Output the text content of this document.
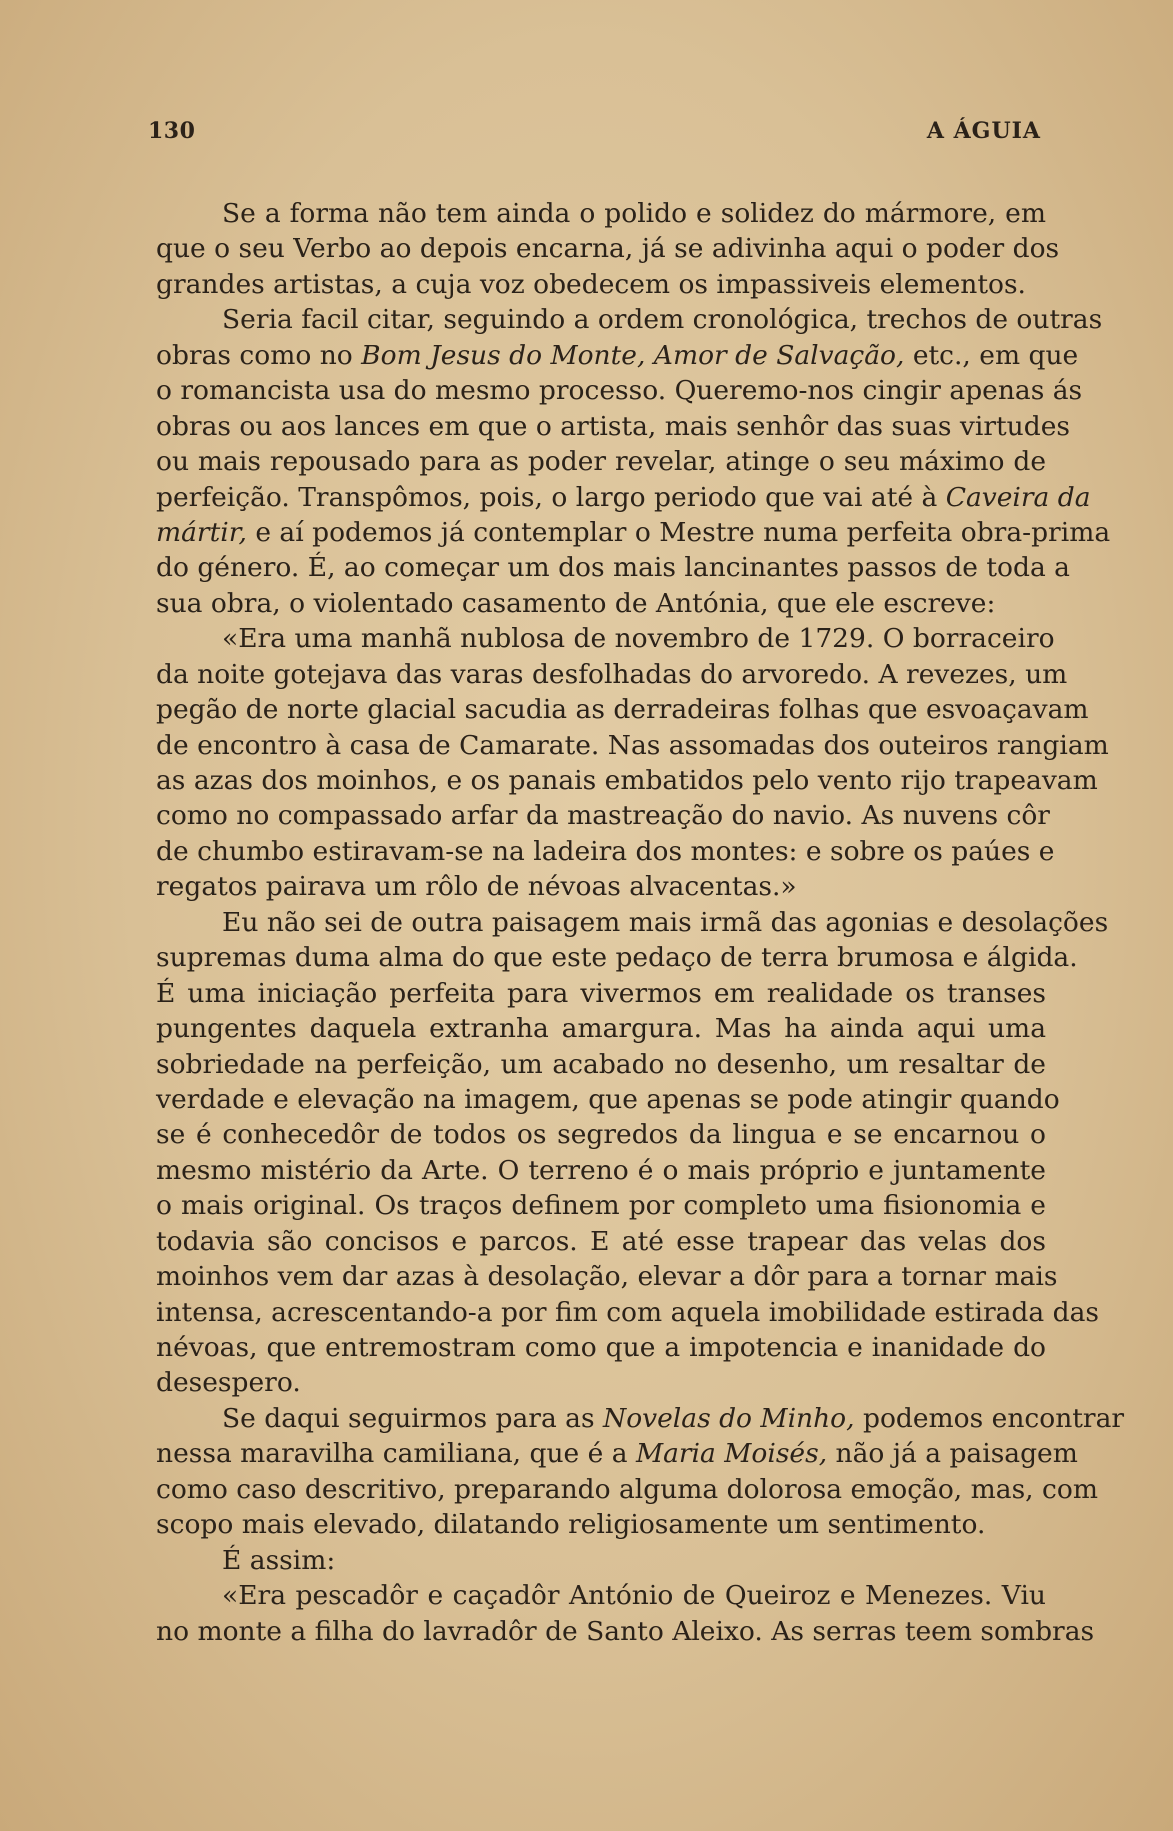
130	A ÁGUIA
Se a forma não tem ainda o polido e solidez do mármore, em
que o seu Verbo ao depois encarna, já se adivinha aqui o poder dos
grandes artistas, a cuja voz obedecem os impassiveis elementos.
Seria facil citar, seguindo a ordem cronológica, trechos de outras
obras como no Bom Jesus do Monte, Amor de Salvação, etc., em que
o romancista usa do mesmo processo. Queremo-nos cingir apenas ás
obras ou aos lances em que o artista, mais senhôr das suas virtudes
ou mais repousado para as poder revelar, atinge o seu máximo de
perfeição. Transpômos, pois, o largo periodo que vai até à Caveira da
mártir, e aí podemos já contemplar o Mestre numa perfeita obra-prima
do género. É, ao começar um dos mais lancinantes passos de toda a
sua obra, o violentado casamento de Antónia, que ele escreve:
«Era uma manhã nublosa de novembro de 1729. O borraceiro
da noite gotejava das varas desfolhadas do arvoredo. A revezes, um
pegão de norte glacial sacudia as derradeiras folhas que esvoaçavam
de encontro à casa de Camarate. Nas assomadas dos outeiros rangiam
as azas dos moinhos, e os panais embatidos pelo vento rijo trapeavam
como no compassado arfar da mastreação do navio. As nuvens côr
de chumbo estiravam-se na ladeira dos montes: e sobre os paúes e
regatos pairava um rôlo de névoas alvacentas.»
Eu não sei de outra paisagem mais irmã das agonias e desolações
supremas duma alma do que este pedaço de terra brumosa e álgida.
É uma iniciação perfeita para vivermos em realidade os transes
pungentes daquela extranha amargura. Mas ha ainda aqui uma
sobriedade na perfeição, um acabado no desenho, um resaltar de
verdade e elevação na imagem, que apenas se pode atingir quando
se é conhecedôr de todos os segredos da lingua e se encarnou o
mesmo mistério da Arte. O terreno é o mais próprio e juntamente
o mais original. Os traços definem por completo uma fisionomia e
todavia são concisos e parcos. E até esse trapear das velas dos
moinhos vem dar azas à desolação, elevar a dôr para a tornar mais
intensa, acrescentando-a por fim com aquela imobilidade estirada das
névoas, que entremostram como que a impotencia e inanidade do
desespero.
Se daqui seguirmos para as Novelas do Minho, podemos encontrar
nessa maravilha camiliana, que é a Maria Moisés, não já a paisagem
como caso descritivo, preparando alguma dolorosa emoção, mas, com
scopo mais elevado, dilatando religiosamente um sentimento.
É assim:
«Era pescadôr e caçadôr António de Queiroz e Menezes. Viu
no monte a filha do lavradôr de Santo Aleixo. As serras teem sombras
